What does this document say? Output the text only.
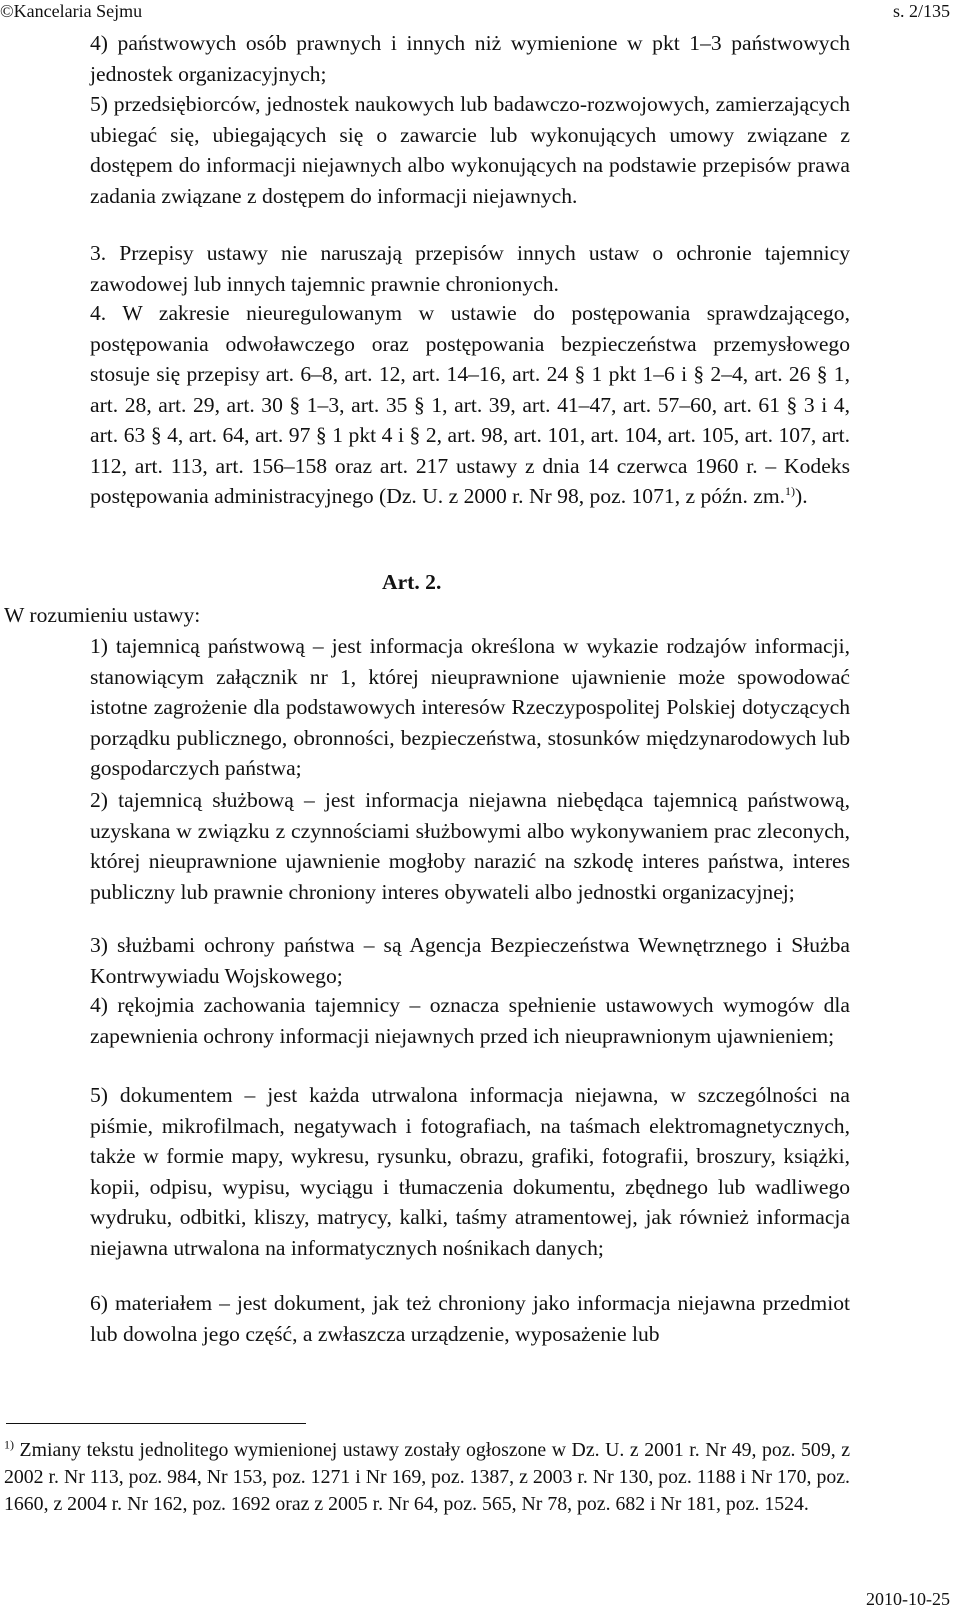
©Kancelaria Sejmu	s. 2/135
4) państwowych osób prawnych i innych niż wymienione w pkt 1–3 państwowych jednostek organizacyjnych;
5) przedsiębiorców, jednostek naukowych lub badawczo-rozwojowych, zamierzających ubiegać się, ubiegających się o zawarcie lub wykonujących umowy związane z dostępem do informacji niejawnych albo wykonujących na podstawie przepisów prawa zadania związane z dostępem do informacji niejawnych.
3. Przepisy ustawy nie naruszają przepisów innych ustaw o ochronie tajemnicy zawodowej lub innych tajemnic prawnie chronionych.
4. W zakresie nieuregulowanym w ustawie do postępowania sprawdzającego, postępowania odwoławczego oraz postępowania bezpieczeństwa przemysłowego stosuje się przepisy art. 6–8, art. 12, art. 14–16, art. 24 § 1 pkt 1–6 i § 2–4, art. 26 § 1, art. 28, art. 29, art. 30 § 1–3, art. 35 § 1, art. 39, art. 41–47, art. 57–60, art. 61 § 3 i 4, art. 63 § 4, art. 64, art. 97 § 1 pkt 4 i § 2, art. 98, art. 101, art. 104, art. 105, art. 107, art. 112, art. 113, art. 156–158 oraz art. 217 ustawy z dnia 14 czerwca 1960 r. – Kodeks postępowania administracyjnego (Dz. U. z 2000 r. Nr 98, poz. 1071, z późn. zm.$^{1)}$).
Art. 2.
W rozumieniu ustawy:
1) tajemnicą państwową – jest informacja określona w wykazie rodzajów informacji, stanowiącym załącznik nr 1, której nieuprawnione ujawnienie może spowodować istotne zagrożenie dla podstawowych interesów Rzeczypospolitej Polskiej dotyczących porządku publicznego, obronności, bezpieczeństwa, stosunków międzynarodowych lub gospodarczych państwa;
2) tajemnicą służbową – jest informacja niejawna niebędąca tajemnicą państwową, uzyskana w związku z czynnościami służbowymi albo wykonywaniem prac zleconych, której nieuprawnione ujawnienie mogłoby narazić na szkodę interes państwa, interes publiczny lub prawnie chroniony interes obywateli albo jednostki organizacyjnej;
3) służbami ochrony państwa – są Agencja Bezpieczeństwa Wewnętrznego i Służba Kontrwywiadu Wojskowego;
4) rękojmia zachowania tajemnicy – oznacza spełnienie ustawowych wymogów dla zapewnienia ochrony informacji niejawnych przed ich nieuprawnionym ujawnieniem;
5) dokumentem – jest każda utrwalona informacja niejawna, w szczególności na piśmie, mikrofilmach, negatywach i fotografiach, na taśmach elektromagnetycznych, także w formie mapy, wykresu, rysunku, obrazu, grafiki, fotografii, broszury, książki, kopii, odpisu, wypisu, wyciągu i tłumaczenia dokumentu, zbędnego lub wadliwego wydruku, odbitki, kliszy, matrycy, kalki, taśmy atramentowej, jak również informacja niejawna utrwalona na informatycznych nośnikach danych;
6) materiałem – jest dokument, jak też chroniony jako informacja niejawna przedmiot lub dowolna jego część, a zwłaszcza urządzenie, wyposażenie lub
$^{1)}$ Zmiany tekstu jednolitego wymienionej ustawy zostały ogłoszone w Dz. U. z 2001 r. Nr 49, poz. 509, z 2002 r. Nr 113, poz. 984, Nr 153, poz. 1271 i Nr 169, poz. 1387, z 2003 r. Nr 130, poz. 1188 i Nr 170, poz. 1660, z 2004 r. Nr 162, poz. 1692 oraz z 2005 r. Nr 64, poz. 565, Nr 78, poz. 682 i Nr 181, poz. 1524.
2010-10-25
